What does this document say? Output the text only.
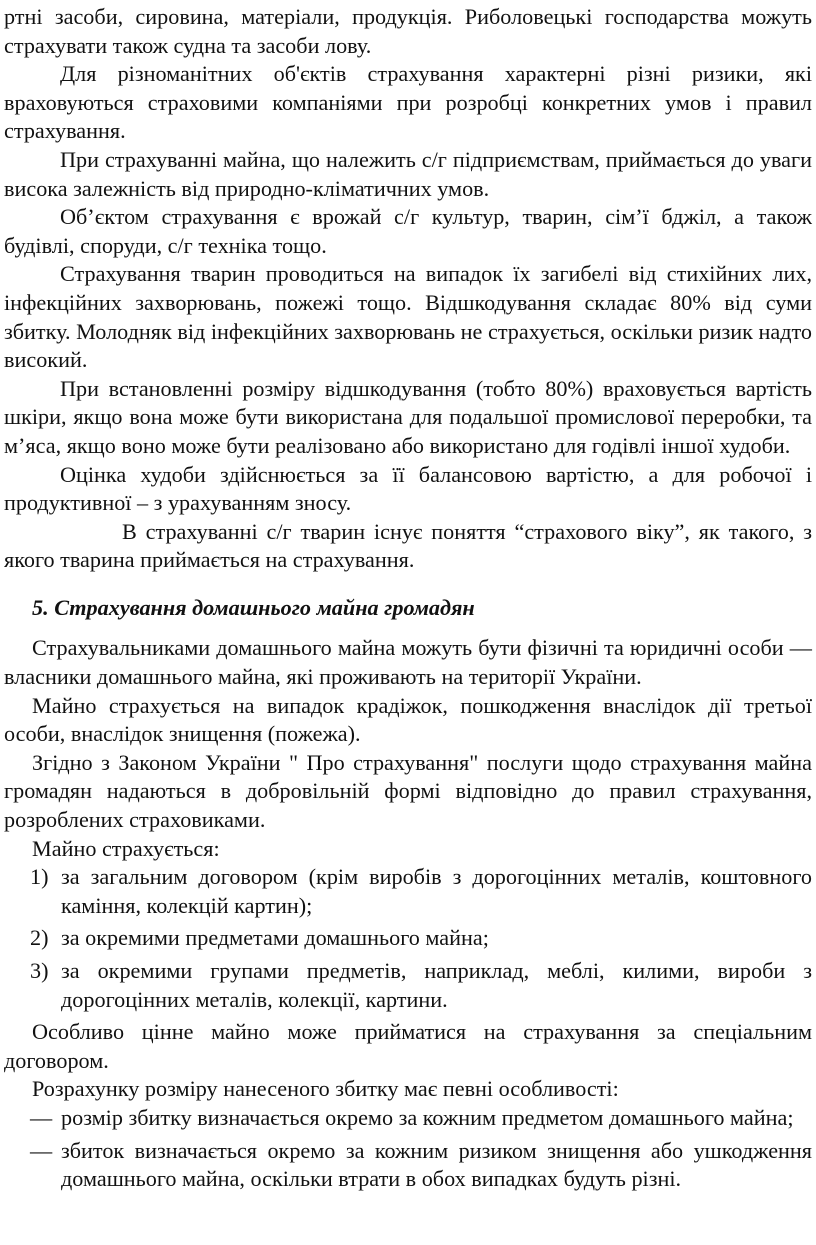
ртні засоби, сировина, матеріали, продукція. Риболовецькі господарства можуть страхувати також судна та засоби лову.

Для різноманітних об'єктів страхування характерні різні ризики, які враховуються страховими компаніями при розробці конкретних умов і правил страхування.

При страхуванні майна, що належить с/г підприємствам, приймається до уваги висока залежність від природно-кліматичних умов.

Об’єктом страхування є врожай с/г культур, тварин, сім’ї бджіл, а також будівлі, споруди, с/г техніка тощо.

Страхування тварин проводиться на випадок їх загибелі від стихійних лих, інфекційних захворювань, пожежі тощо. Відшкодування складає 80% від суми збитку. Молодняк від інфекційних захворювань не страхується, оскільки ризик надто високий.

При встановленні розміру відшкодування (тобто 80%) враховується вартість шкіри, якщо вона може бути використана для подальшої промислової переробки, та м’яса, якщо воно може бути реалізовано або використано для годівлі іншої худоби.

Оцінка худоби здійснюється за її балансовою вартістю, а для робочої і продуктивної – з урахуванням зносу.

В страхуванні с/г тварин існує поняття “страхового віку”, як такого, з якого тварина приймається на страхування.

5. Страхування домашнього майна громадян

Страхувальниками домашнього майна можуть бути фізичні та юридичні особи — власники домашнього майна, які проживають на території України.

Майно страхується на випадок крадіжок, пошкодження внаслідок дії третьої особи, внаслідок знищення (пожежа).

Згідно з Законом України " Про страхування" послуги щодо страхування майна громадян надаються в добровільній формі відповідно до правил страхування, розроблених страховиками.

Майно страхується:

1) за загальним договором (крім виробів з дорогоцінних металів, коштовного каміння, колекцій картин);
2) за окремими предметами домашнього майна;
3) за окремими групами предметів, наприклад, меблі, килими, вироби з дорогоцінних металів, колекції, картини.

Особливо цінне майно може прийматися на страхування за спеціальним договором.

Розрахунку розміру нанесеного збитку має певні особливості:

— розмір збитку визначається окремо за кожним предметом домашнього майна;
— збиток визначається окремо за кожним ризиком знищення або ушкодження домашнього майна, оскільки втрати в обох випадках будуть різні.
